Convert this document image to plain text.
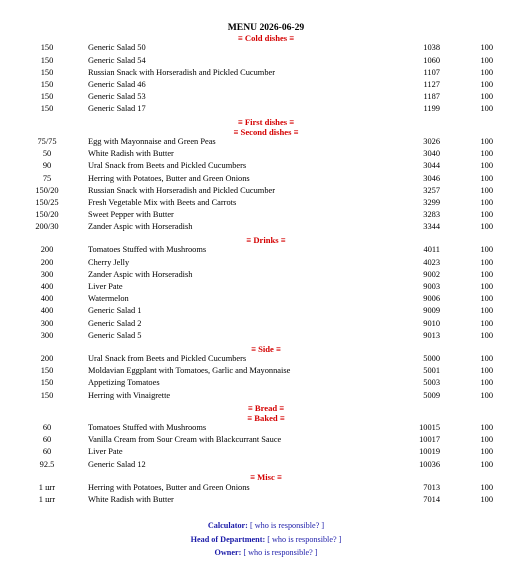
MENU 2026-06-29
≡ Cold dishes ≡
150	Generic Salad 50	1038	100
150	Generic Salad 54	1060	100
150	Russian Snack with Horseradish and Pickled Cucumber	1107	100
150	Generic Salad 46	1127	100
150	Generic Salad 53	1187	100
150	Generic Salad 17	1199	100
≡ First dishes ≡
≡ Second dishes ≡
75/75	Egg with Mayonnaise and Green Peas	3026	100
50	White Radish with Butter	3040	100
90	Ural Snack from Beets and Pickled Cucumbers	3044	100
75	Herring with Potatoes, Butter and Green Onions	3046	100
150/20	Russian Snack with Horseradish and Pickled Cucumber	3257	100
150/25	Fresh Vegetable Mix with Beets and Carrots	3299	100
150/20	Sweet Pepper with Butter	3283	100
200/30	Zander Aspic with Horseradish	3344	100
≡ Drinks ≡
200	Tomatoes Stuffed with Mushrooms	4011	100
200	Cherry Jelly	4023	100
300	Zander Aspic with Horseradish	9002	100
400	Liver Pate	9003	100
400	Watermelon	9006	100
400	Generic Salad 1	9009	100
300	Generic Salad 2	9010	100
300	Generic Salad 5	9013	100
≡ Side ≡
200	Ural Snack from Beets and Pickled Cucumbers	5000	100
150	Moldavian Eggplant with Tomatoes, Garlic and Mayonnaise	5001	100
150	Appetizing Tomatoes	5003	100
150	Herring with Vinaigrette	5009	100
≡ Bread ≡
≡ Baked ≡
60	Tomatoes Stuffed with Mushrooms	10015	100
60	Vanilla Cream from Sour Cream with Blackcurrant Sauce	10017	100
60	Liver Pate	10019	100
92.5	Generic Salad 12	10036	100
≡ Misc ≡
1 шт	Herring with Potatoes, Butter and Green Onions	7013	100
1 шт	White Radish with Butter	7014	100
Calculator: [ who is responsible? ]
Head of Department: [ who is responsible? ]
Owner: [ who is responsible? ]
